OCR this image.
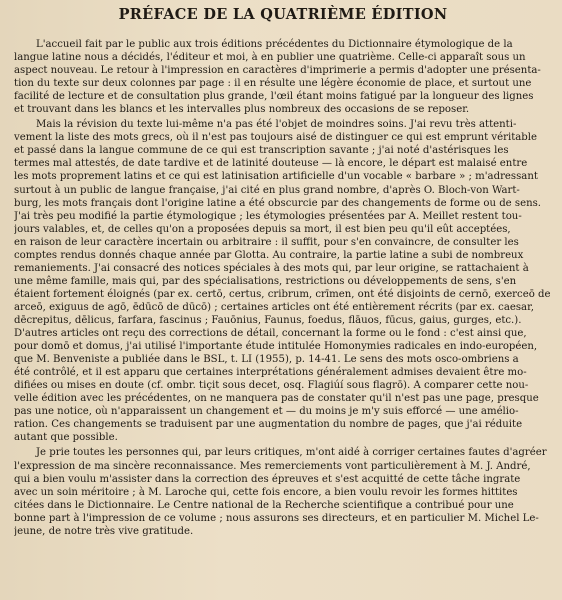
PRÉFACE DE LA QUATRIÈME ÉDITION

L'accueil fait par le public aux trois éditions précédentes du Dictionnaire étymologique de la
langue latine nous a décidés, l'éditeur et moi, à en publier une quatrième. Celle-ci apparaît sous un
aspect nouveau. Le retour à l'impression en caractères d'imprimerie a permis d'adopter une présenta-
tion du texte sur deux colonnes par page : il en résulte une légère économie de place, et surtout une
facilité de lecture et de consultation plus grande, l'œil étant moins fatigué par la longueur des lignes
et trouvant dans les blancs et les intervalles plus nombreux des occasions de se reposer.

Mais la révision du texte lui-même n'a pas été l'objet de moindres soins. J'ai revu très attenti-
vement la liste des mots grecs, où il n'est pas toujours aisé de distinguer ce qui est emprunt véritable
et passé dans la langue commune de ce qui est transcription savante ; j'ai noté d'astérisques les
termes mal attestés, de date tardive et de latinité douteuse — là encore, le départ est malaisé entre
les mots proprement latins et ce qui est latinisation artificielle d'un vocable « barbare » ; m'adressant
surtout à un public de langue française, j'ai cité en plus grand nombre, d'après O. Bloch-von Wart-
burg, les mots français dont l'origine latine a été obscurcie par des changements de forme ou de sens.
J'ai très peu modifié la partie étymologique ; les étymologies présentées par A. Meillet restent tou-
jours valables, et, de celles qu'on a proposées depuis sa mort, il est bien peu qu'il eût acceptées,
en raison de leur caractère incertain ou arbitraire : il suffit, pour s'en convaincre, de consulter les
comptes rendus donnés chaque année par Glotta. Au contraire, la partie latine a subi de nombreux
remaniements. J'ai consacré des notices spéciales à des mots qui, par leur origine, se rattachaient à
une même famille, mais qui, par des spécialisations, restrictions ou développements de sens, s'en
étaient fortement éloignés (par ex. certō, certus, cribrum, crīmen, ont été disjoints de cernō, exerceō de
arceō, exiguus de agō, ēdūcō de dūcō) ; certaines articles ont été entièrement récrits (par ex. caesar,
dēcrepitus, dēlicus, farfara, fascinus ; Fauōnius, Faunus, foedus, flāuos, fūcus, gaius, gurges, etc.).
D'autres articles ont reçu des corrections de détail, concernant la forme ou le fond : c'est ainsi que,
pour domō et domus, j'ai utilisé l'importante étude intitulée Homonymies radicales en indo-européen,
que M. Benveniste a publiée dans le BSL, t. LI (1955), p. 14-41. Le sens des mots osco-ombriens a
été contrôlé, et il est apparu que certaines interprétations généralement admises devaient être mo-
difiées ou mises en doute (cf. ombr. tiçit sous decet, osq. Flagiúí sous flagrō). A comparer cette nou-
velle édition avec les précédentes, on ne manquera pas de constater qu'il n'est pas une page, presque
pas une notice, où n'apparaissent un changement et — du moins je m'y suis efforcé — une amélio-
ration. Ces changements se traduisent par une augmentation du nombre de pages, que j'ai réduite
autant que possible.

Je prie toutes les personnes qui, par leurs critiques, m'ont aidé à corriger certaines fautes d'agréer
l'expression de ma sincère reconnaissance. Mes remerciements vont particulièrement à M. J. André,
qui a bien voulu m'assister dans la correction des épreuves et s'est acquitté de cette tâche ingrate
avec un soin méritoire ; à M. Laroche qui, cette fois encore, a bien voulu revoir les formes hittites
citées dans le Dictionnaire. Le Centre national de la Recherche scientifique a contribué pour une
bonne part à l'impression de ce volume ; nous assurons ses directeurs, et en particulier M. Michel Le-
jeune, de notre très vive gratitude.
